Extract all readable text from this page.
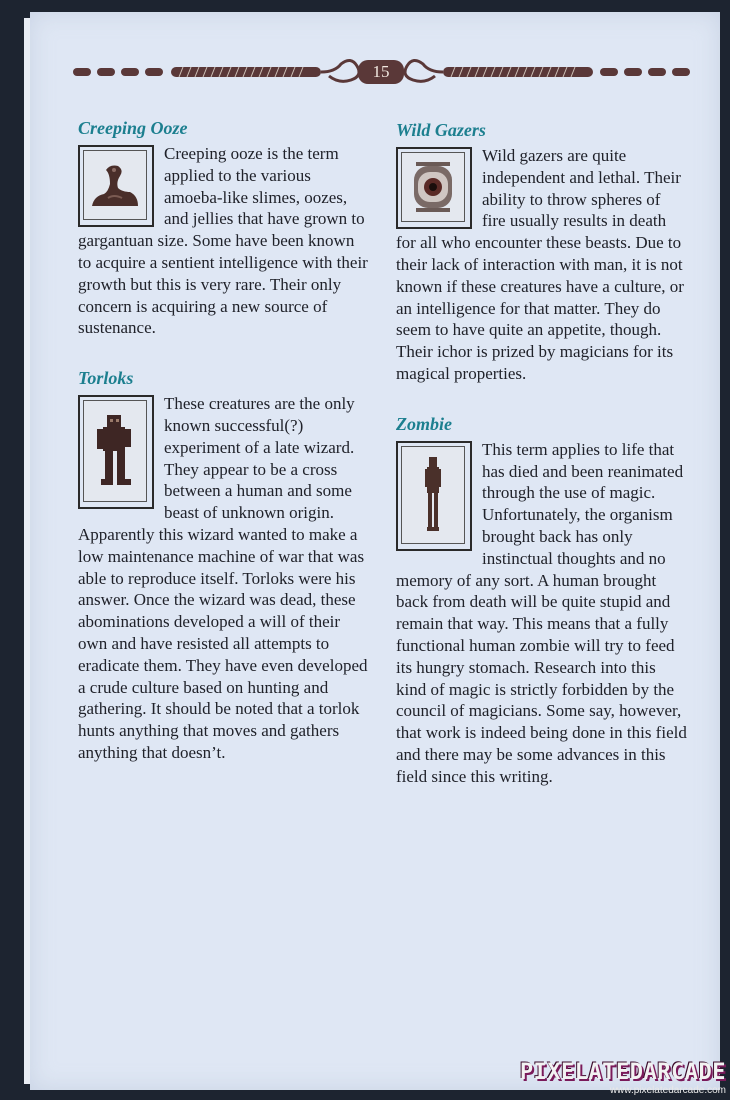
15
Creeping Ooze

Creeping ooze is the term applied to the various amoeba-like slimes, oozes, and jellies that have grown to gargantuan size. Some have been known to acquire a sentient intelligence with their growth but this is very rare. Their only concern is acquiring a new source of sustenance.

Torloks

These creatures are the only known successful(?) experiment of a late wizard. They appear to be a cross between a human and some beast of unknown origin. Apparently this wizard wanted to make a low maintenance machine of war that was able to reproduce itself. Torloks were his answer. Once the wizard was dead, these abominations developed a will of their own and have resisted all attempts to eradicate them. They have even developed a crude culture based on hunting and gathering. It should be noted that a torlok hunts anything that moves and gathers anything that doesn’t.

Wild Gazers

Wild gazers are quite independent and lethal. Their ability to throw spheres of fire usually results in death for all who encounter these beasts. Due to their lack of interaction with man, it is not known if these creatures have a culture, or an intelligence for that matter. They do seem to have quite an appetite, though. Their ichor is prized by magicians for its magical properties.

Zombie

This term applies to life that has died and been reanimated through the use of magic. Unfortunately, the organism brought back has only instinctual thoughts and no memory of any sort. A human brought back from death will be quite stupid and remain that way. This means that a fully functional human zombie will try to feed its hungry stomach. Research into this kind of magic is strictly forbidden by the council of magicians. Some say, however, that work is indeed being done in this field and there may be some advances in this field since this writing.

PIXELATEDARCADE
www.pixelatedarcade.com
